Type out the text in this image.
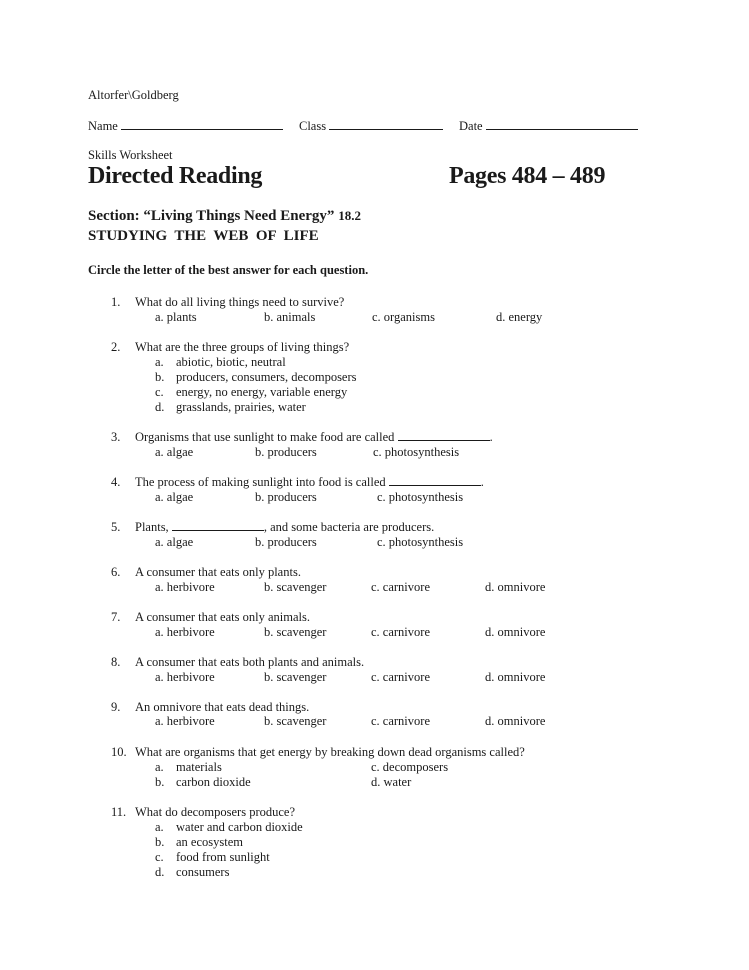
Altorfer\Goldberg
Name	Class	Date
Skills Worksheet
Directed Reading	Pages 484 – 489
Section: “Living Things Need Energy” 18.2
STUDYING  THE  WEB  OF  LIFE
Circle the letter of the best answer for each question.
1. What do all living things need to survive?
a. plants	b. animals	c. organisms	d. energy
2. What are the three groups of living things?
a. abiotic, biotic, neutral
b. producers, consumers, decomposers
c. energy, no energy, variable energy
d. grasslands, prairies, water
3. Organisms that use sunlight to make food are called	.
a. algae	b. producers	c. photosynthesis
4. The process of making sunlight into food is called	.
a. algae	b. producers	c. photosynthesis
5. Plants,	, and some bacteria are producers.
a. algae	b. producers	c. photosynthesis
6. A consumer that eats only plants.
a. herbivore	b. scavenger	c. carnivore	d. omnivore
7. A consumer that eats only animals.
a. herbivore	b. scavenger	c. carnivore	d. omnivore
8. A consumer that eats both plants and animals.
a. herbivore	b. scavenger	c. carnivore	d. omnivore
9. An omnivore that eats dead things.
a. herbivore	b. scavenger	c. carnivore	d. omnivore
10. What are organisms that get energy by breaking down dead organisms called?
a. materials	c. decomposers
b. carbon dioxide	d. water
11. What do decomposers produce?
a. water and carbon dioxide
b. an ecosystem
c. food from sunlight
d. consumers
